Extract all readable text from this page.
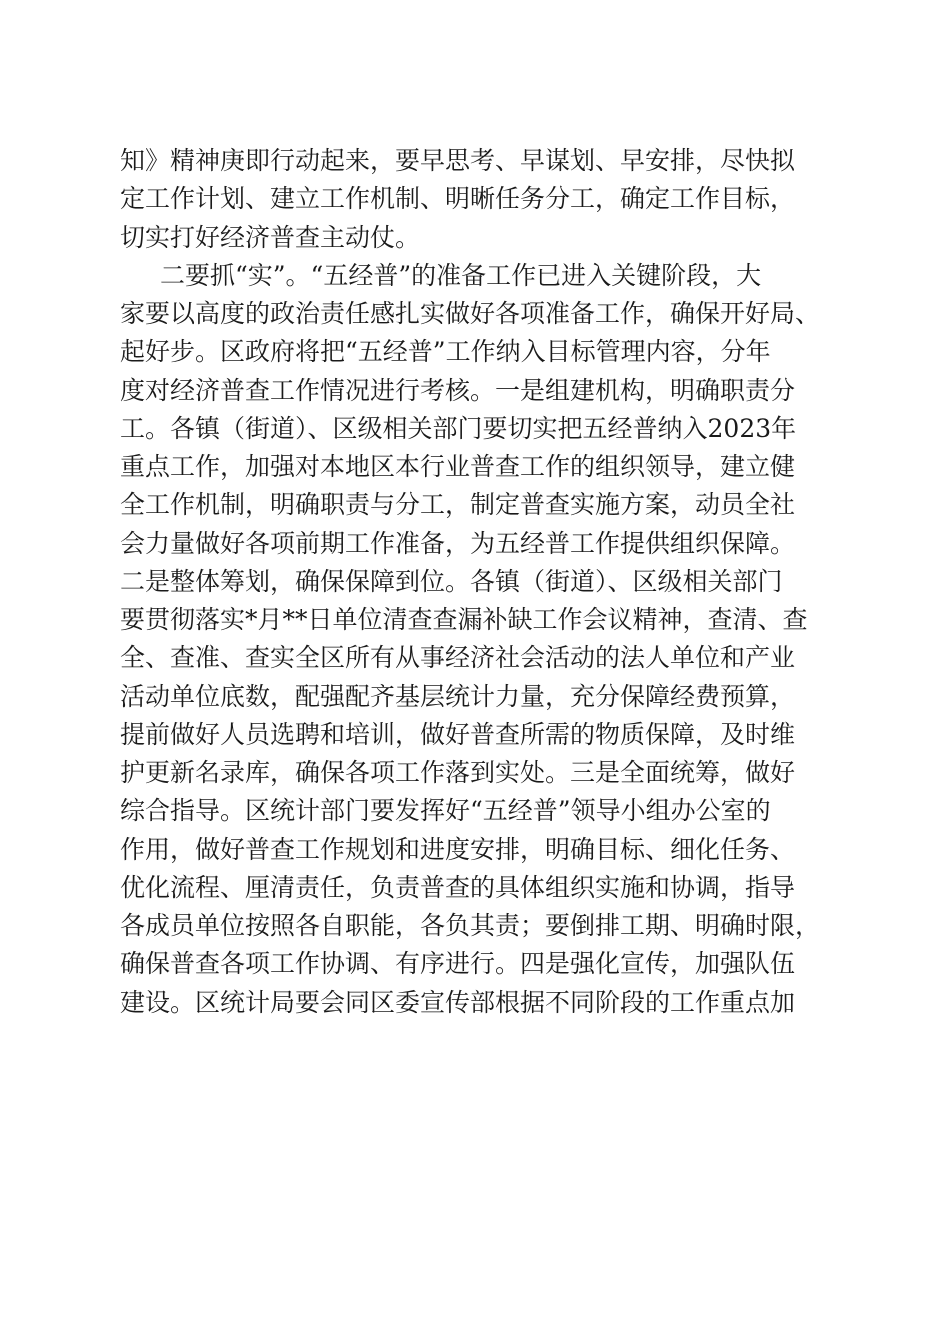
知》精神庚即行动起来，要早思考、早谋划、早安排，尽快拟
定工作计划、建立工作机制、明晰任务分工，确定工作目标，
切实打好经济普查主动仗。
二要抓“实”。“五经普”的准备工作已进入关键阶段，大
家要以高度的政治责任感扎实做好各项准备工作，确保开好局、
起好步。区政府将把“五经普”工作纳入目标管理内容，分年
度对经济普查工作情况进行考核。一是组建机构，明确职责分
工。各镇（街道）、区级相关部门要切实把五经普纳入2023年
重点工作，加强对本地区本行业普查工作的组织领导，建立健
全工作机制，明确职责与分工，制定普查实施方案，动员全社
会力量做好各项前期工作准备，为五经普工作提供组织保障。
二是整体筹划，确保保障到位。各镇（街道）、区级相关部门
要贯彻落实*月**日单位清查查漏补缺工作会议精神，查清、查
全、查准、查实全区所有从事经济社会活动的法人单位和产业
活动单位底数，配强配齐基层统计力量，充分保障经费预算，
提前做好人员选聘和培训，做好普查所需的物质保障，及时维
护更新名录库，确保各项工作落到实处。三是全面统筹，做好
综合指导。区统计部门要发挥好“五经普”领导小组办公室的
作用，做好普查工作规划和进度安排，明确目标、细化任务、
优化流程、厘清责任，负责普查的具体组织实施和协调，指导
各成员单位按照各自职能，各负其责；要倒排工期、明确时限，
确保普查各项工作协调、有序进行。四是强化宣传，加强队伍
建设。区统计局要会同区委宣传部根据不同阶段的工作重点加
